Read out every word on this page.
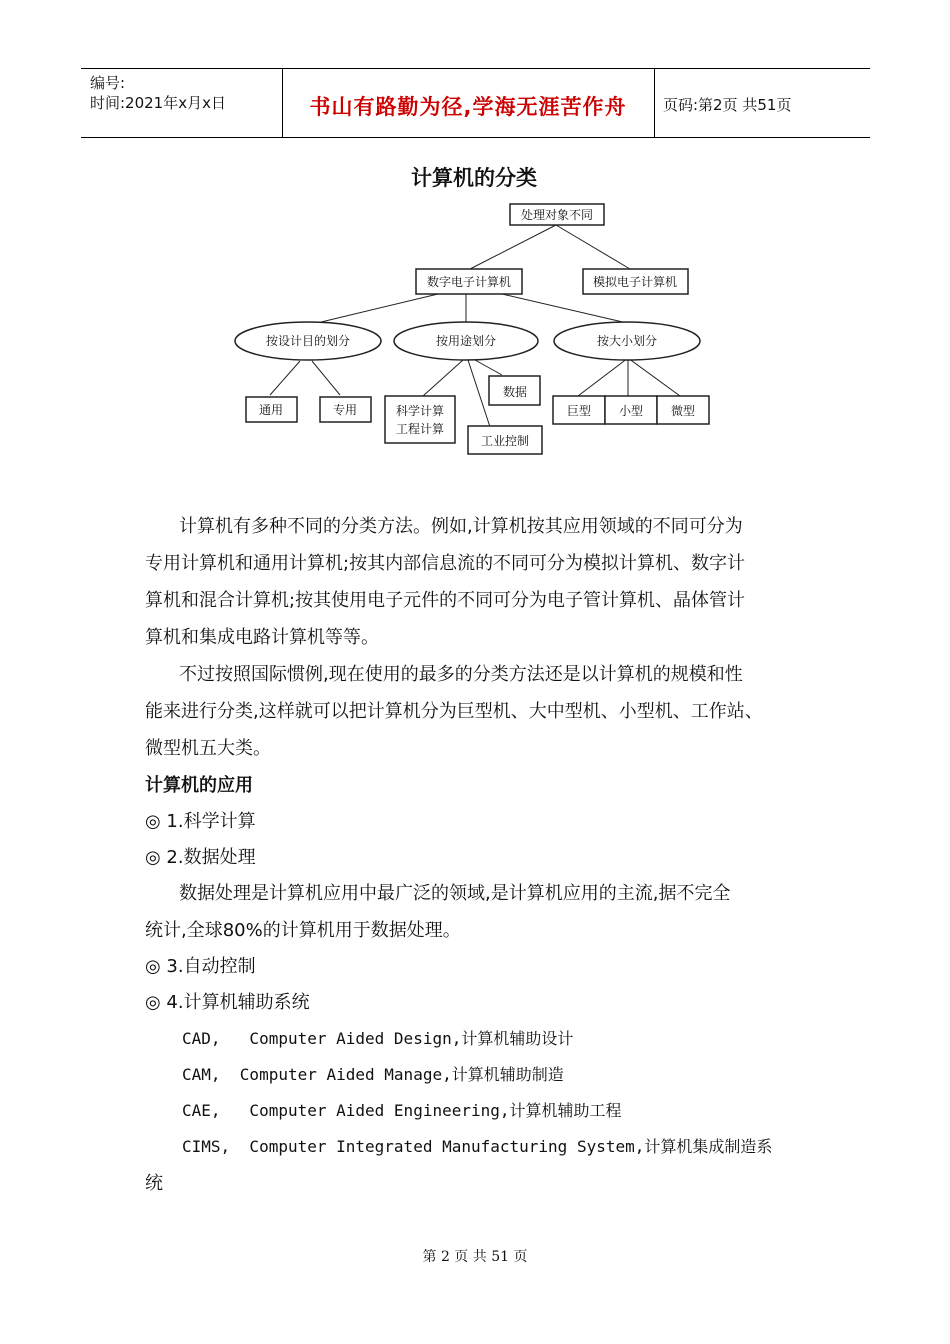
编号:
时间:2021年x月x日	书山有路勤为径,学海无涯苦作舟	页码:第2页 共51页
计算机的分类
处理对象不同
数字电子计算机	模拟电子计算机
按设计目的划分	按用途划分	按大小划分
通用	专用	科学计算
工程计算
数据
工业控制
巨型 小型 微型
计算机有多种不同的分类方法。例如,计算机按其应用领域的不同可分为
专用计算机和通用计算机;按其内部信息流的不同可分为模拟计算机、数字计
算机和混合计算机;按其使用电子元件的不同可分为电子管计算机、晶体管计
算机和集成电路计算机等等。
不过按照国际惯例,现在使用的最多的分类方法还是以计算机的规模和性
能来进行分类,这样就可以把计算机分为巨型机、大中型机、小型机、工作站、
微型机五大类。
计算机的应用
◎ 1.科学计算
◎ 2.数据处理
数据处理是计算机应用中最广泛的领域,是计算机应用的主流,据不完全
统计,全球80%的计算机用于数据处理。
◎ 3.自动控制
◎ 4.计算机辅助系统
CAD,   Computer Aided Design,计算机辅助设计
CAM,  Computer Aided Manage,计算机辅助制造
CAE,   Computer Aided Engineering,计算机辅助工程
CIMS,  Computer Integrated Manufacturing System,计算机集成制造系
统
第 2 页 共 51 页
